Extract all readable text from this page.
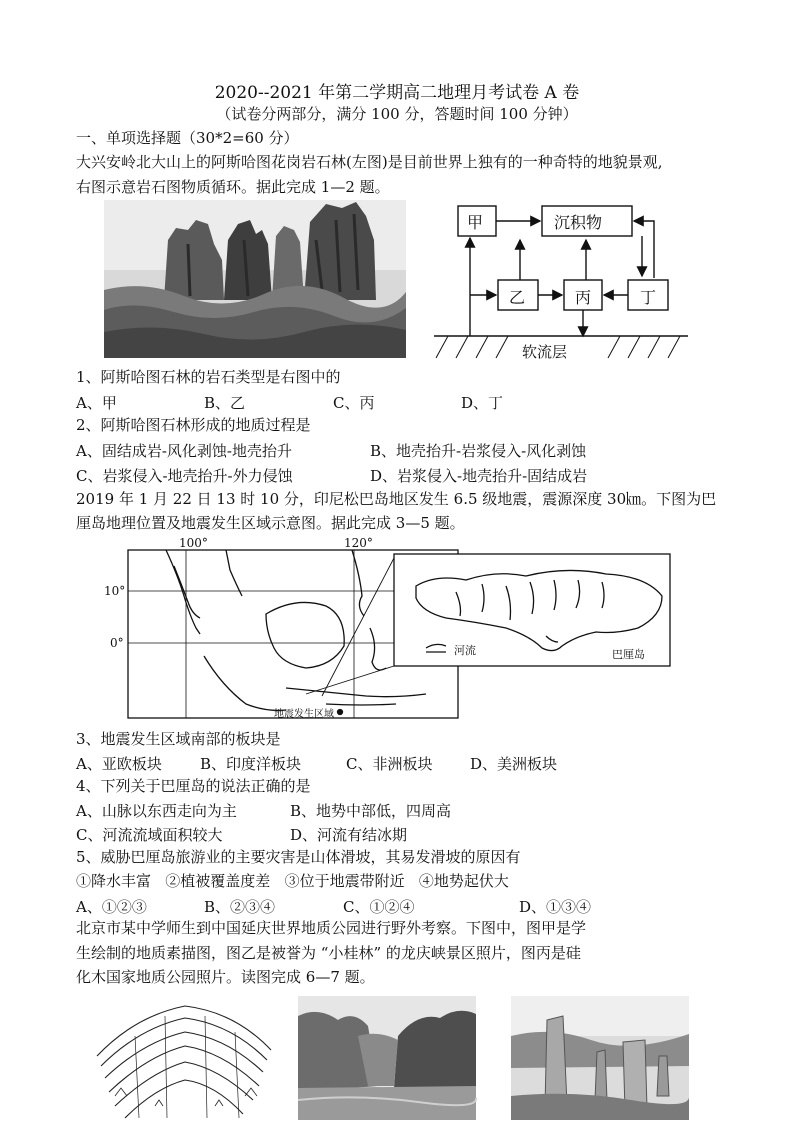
2020--2021 年第二学期高二地理月考试卷 A 卷
（试卷分两部分，满分 100 分，答题时间 100 分钟）
一、单项选择题（30*2=60 分）
大兴安岭北大山上的阿斯哈图花岗岩石林(左图)是目前世界上独有的一种奇特的地貌景观,
右图示意岩石图物质循环。据此完成 1—2 题。
甲	沉积物
乙	丙	丁
软流层
1、阿斯哈图石林的岩石类型是右图中的
A、甲	B、乙	C、丙	D、丁
2、阿斯哈图石林形成的地质过程是
A、固结成岩-风化剥蚀-地壳抬升	B、地壳抬升-岩浆侵入-风化剥蚀
C、岩浆侵入-地壳抬升-外力侵蚀	D、岩浆侵入-地壳抬升-固结成岩
2019 年 1 月 22 日 13 时 10 分，印尼松巴岛地区发生 6.5 级地震，震源深度 30㎞。下图为巴
厘岛地理位置及地震发生区域示意图。据此完成 3—5 题。
100°	120°
10°
0°
地震发生区域
河流	巴厘岛
3、地震发生区域南部的板块是
A、亚欧板块	B、印度洋板块	C、非洲板块	D、美洲板块
4、下列关于巴厘岛的说法正确的是
A、山脉以东西走向为主	B、地势中部低，四周高
C、河流流域面积较大	D、河流有结冰期
5、威胁巴厘岛旅游业的主要灾害是山体滑坡，其易发滑坡的原因有
①降水丰富   ②植被覆盖度差   ③位于地震带附近   ④地势起伏大
A、①②③	B、②③④	C、①②④	D、①③④
北京市某中学师生到中国延庆世界地质公园进行野外考察。下图中，图甲是学
生绘制的地质素描图，图乙是被誉为 “小桂林” 的龙庆峡景区照片，图丙是硅
化木国家地质公园照片。读图完成 6—7 题。
